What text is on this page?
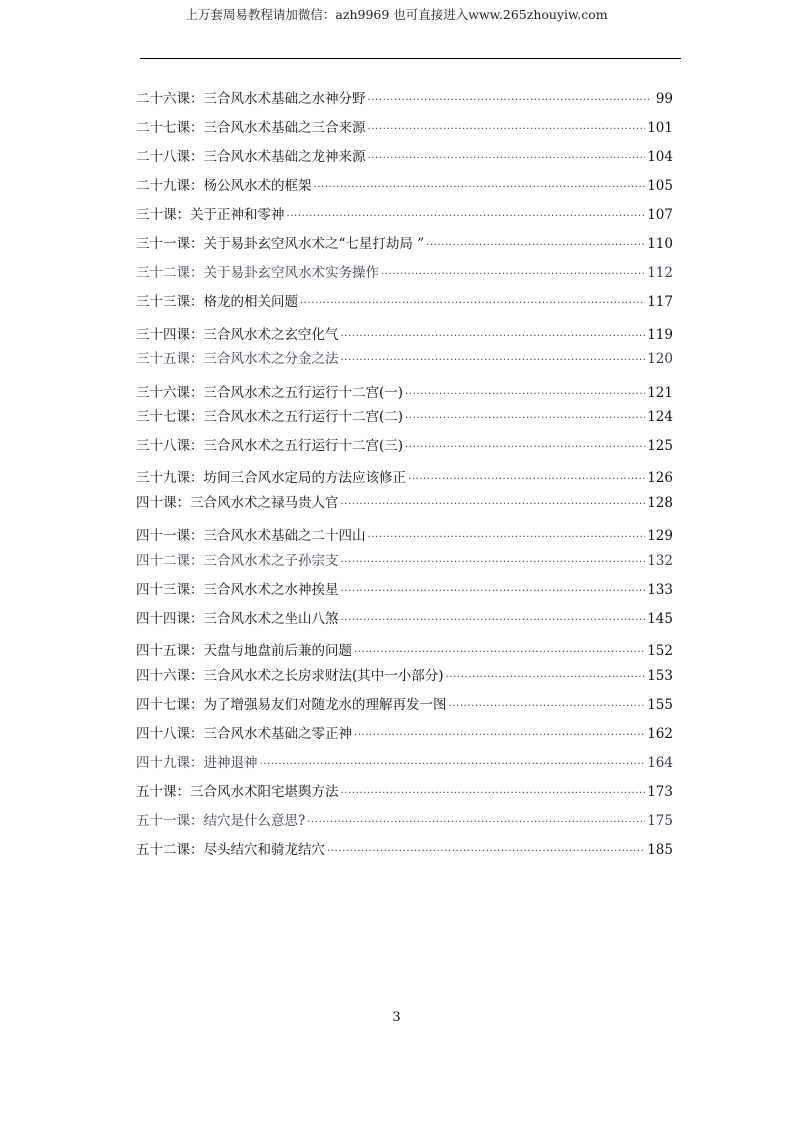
上万套周易教程请加微信：azh9969 也可直接进入www.265zhouyiw.com
二十六课：三合风水术基础之水神分野 .....	99
二十七课：三合风水术基础之三合来源 .....	101
二十八课：三合风水术基础之龙神来源 .....	104
二十九课：杨公风水术的框架 .....	105
三十课：关于正神和零神 .....	107
三十一课：关于易卦玄空风水术之“七星打劫局 ” .....	110
三十二课：关于易卦玄空风水术实务操作 .....	112
三十三课：格龙的相关问题 .....	117
三十四课：三合风水术之玄空化气 .....	119
三十五课：三合风水术之分金之法 .....	120
三十六课：三合风水术之五行运行十二宫(一) .....	121
三十七课：三合风水术之五行运行十二宫(二) .....	124
三十八课：三合风水术之五行运行十二宫(三) .....	125
三十九课：坊间三合风水定局的方法应该修正 .....	126
四十课：三合风水术之禄马贵人官 .....	128
四十一课：三合风水术基础之二十四山 .....	129
四十二课：三合风水术之子孙宗支 .....	132
四十三课：三合风水术之水神挨星 .....	133
四十四课：三合风水术之坐山八煞 .....	145
四十五课：天盘与地盘前后兼的问题 .....	152
四十六课：三合风水术之长房求财法(其中一小部分) .....	153
四十七课：为了增强易友们对随龙水的理解再发一图 .....	155
四十八课：三合风水术基础之零正神 .....	162
四十九课：进神退神 .....	164
五十课：三合风水术阳宅堪舆方法 .....	173
五十一课：结穴是什么意思? .....	175
五十二课：尽头结穴和骑龙结穴 .....	185
3
